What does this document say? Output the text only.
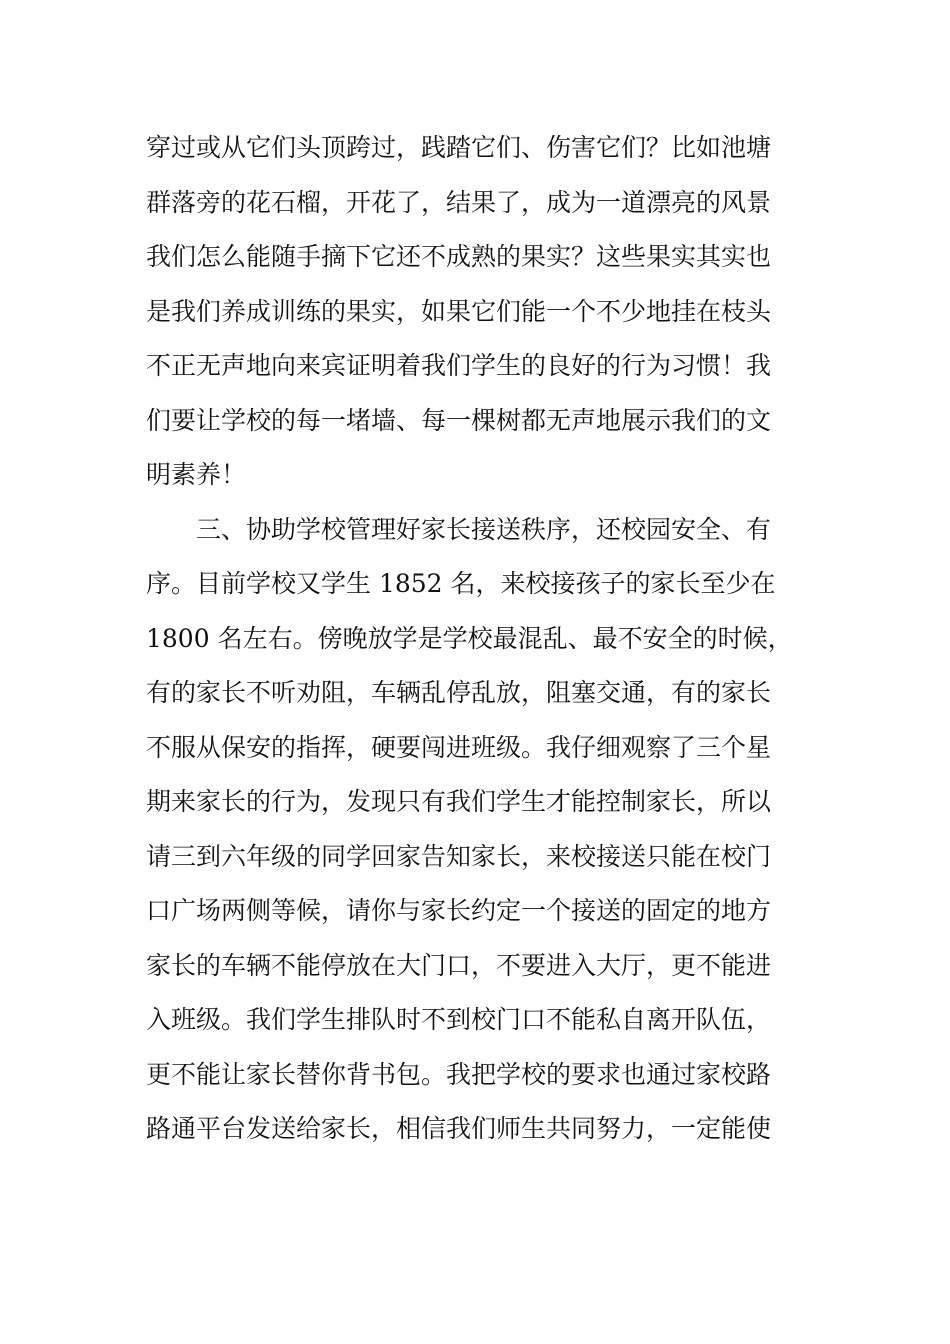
穿过或从它们头顶跨过，践踏它们、伤害它们？比如池塘
群落旁的花石榴，开花了，结果了，成为一道漂亮的风景
我们怎么能随手摘下它还不成熟的果实？这些果实其实也
是我们养成训练的果实，如果它们能一个不少地挂在枝头
不正无声地向来宾证明着我们学生的良好的行为习惯！我
们要让学校的每一堵墙、每一棵树都无声地展示我们的文
明素养！
　　三、协助学校管理好家长接送秩序，还校园安全、有
序。目前学校又学生 1852 名，来校接孩子的家长至少在
1800 名左右。傍晚放学是学校最混乱、最不安全的时候，
有的家长不听劝阻，车辆乱停乱放，阻塞交通，有的家长
不服从保安的指挥，硬要闯进班级。我仔细观察了三个星
期来家长的行为，发现只有我们学生才能控制家长，所以
请三到六年级的同学回家告知家长，来校接送只能在校门
口广场两侧等候，请你与家长约定一个接送的固定的地方
家长的车辆不能停放在大门口，不要进入大厅，更不能进
入班级。我们学生排队时不到校门口不能私自离开队伍，
更不能让家长替你背书包。我把学校的要求也通过家校路
路通平台发送给家长，相信我们师生共同努力，一定能使
